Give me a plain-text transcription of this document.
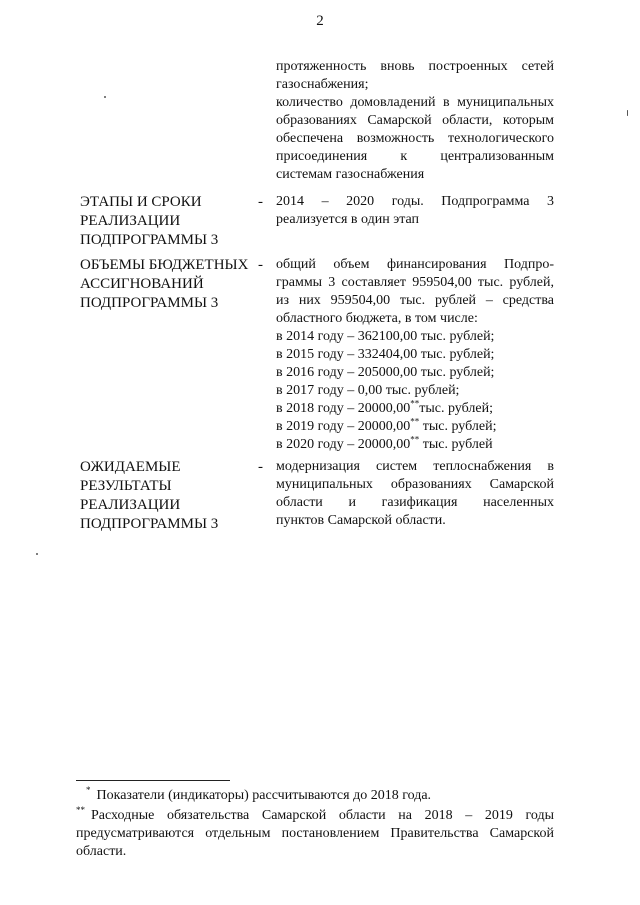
2
протяженность вновь построенных сетей
газоснабжения;
количество домовладений в муниципальных
образованиях Самарской области, которым
обеспечена возможность технологического
присоединения к централизованным
системам газоснабжения
ЭТАПЫ И СРОКИ
РЕАЛИЗАЦИИ
ПОДПРОГРАММЫ 3
- 2014 – 2020 годы. Подпрограмма 3
реализуется в один этап
ОБЪЕМЫ БЮДЖЕТНЫХ
АССИГНОВАНИЙ
ПОДПРОГРАММЫ 3
- общий объем финансирования Подпро-
граммы 3 составляет 959504,00 тыс. рублей,
из них 959504,00 тыс. рублей – средства
областного бюджета, в том числе:
в 2014 году – 362100,00 тыс. рублей;
в 2015 году – 332404,00 тыс. рублей;
в 2016 году – 205000,00 тыс. рублей;
в 2017 году – 0,00 тыс. рублей;
в 2018 году – 20000,00**тыс. рублей;
в 2019 году – 20000,00** тыс. рублей;
в 2020 году – 20000,00** тыс. рублей
ОЖИДАЕМЫЕ
РЕЗУЛЬТАТЫ
РЕАЛИЗАЦИИ
ПОДПРОГРАММЫ 3
- модернизация систем теплоснабжения в
муниципальных образованиях Самарской
области и газификация населенных
пунктов Самарской области.
* Показатели (индикаторы) рассчитываются до 2018 года.
** Расходные обязательства Самарской области на 2018 – 2019 годы предусматриваются отдельным постановлением Правительства Самарской области.
